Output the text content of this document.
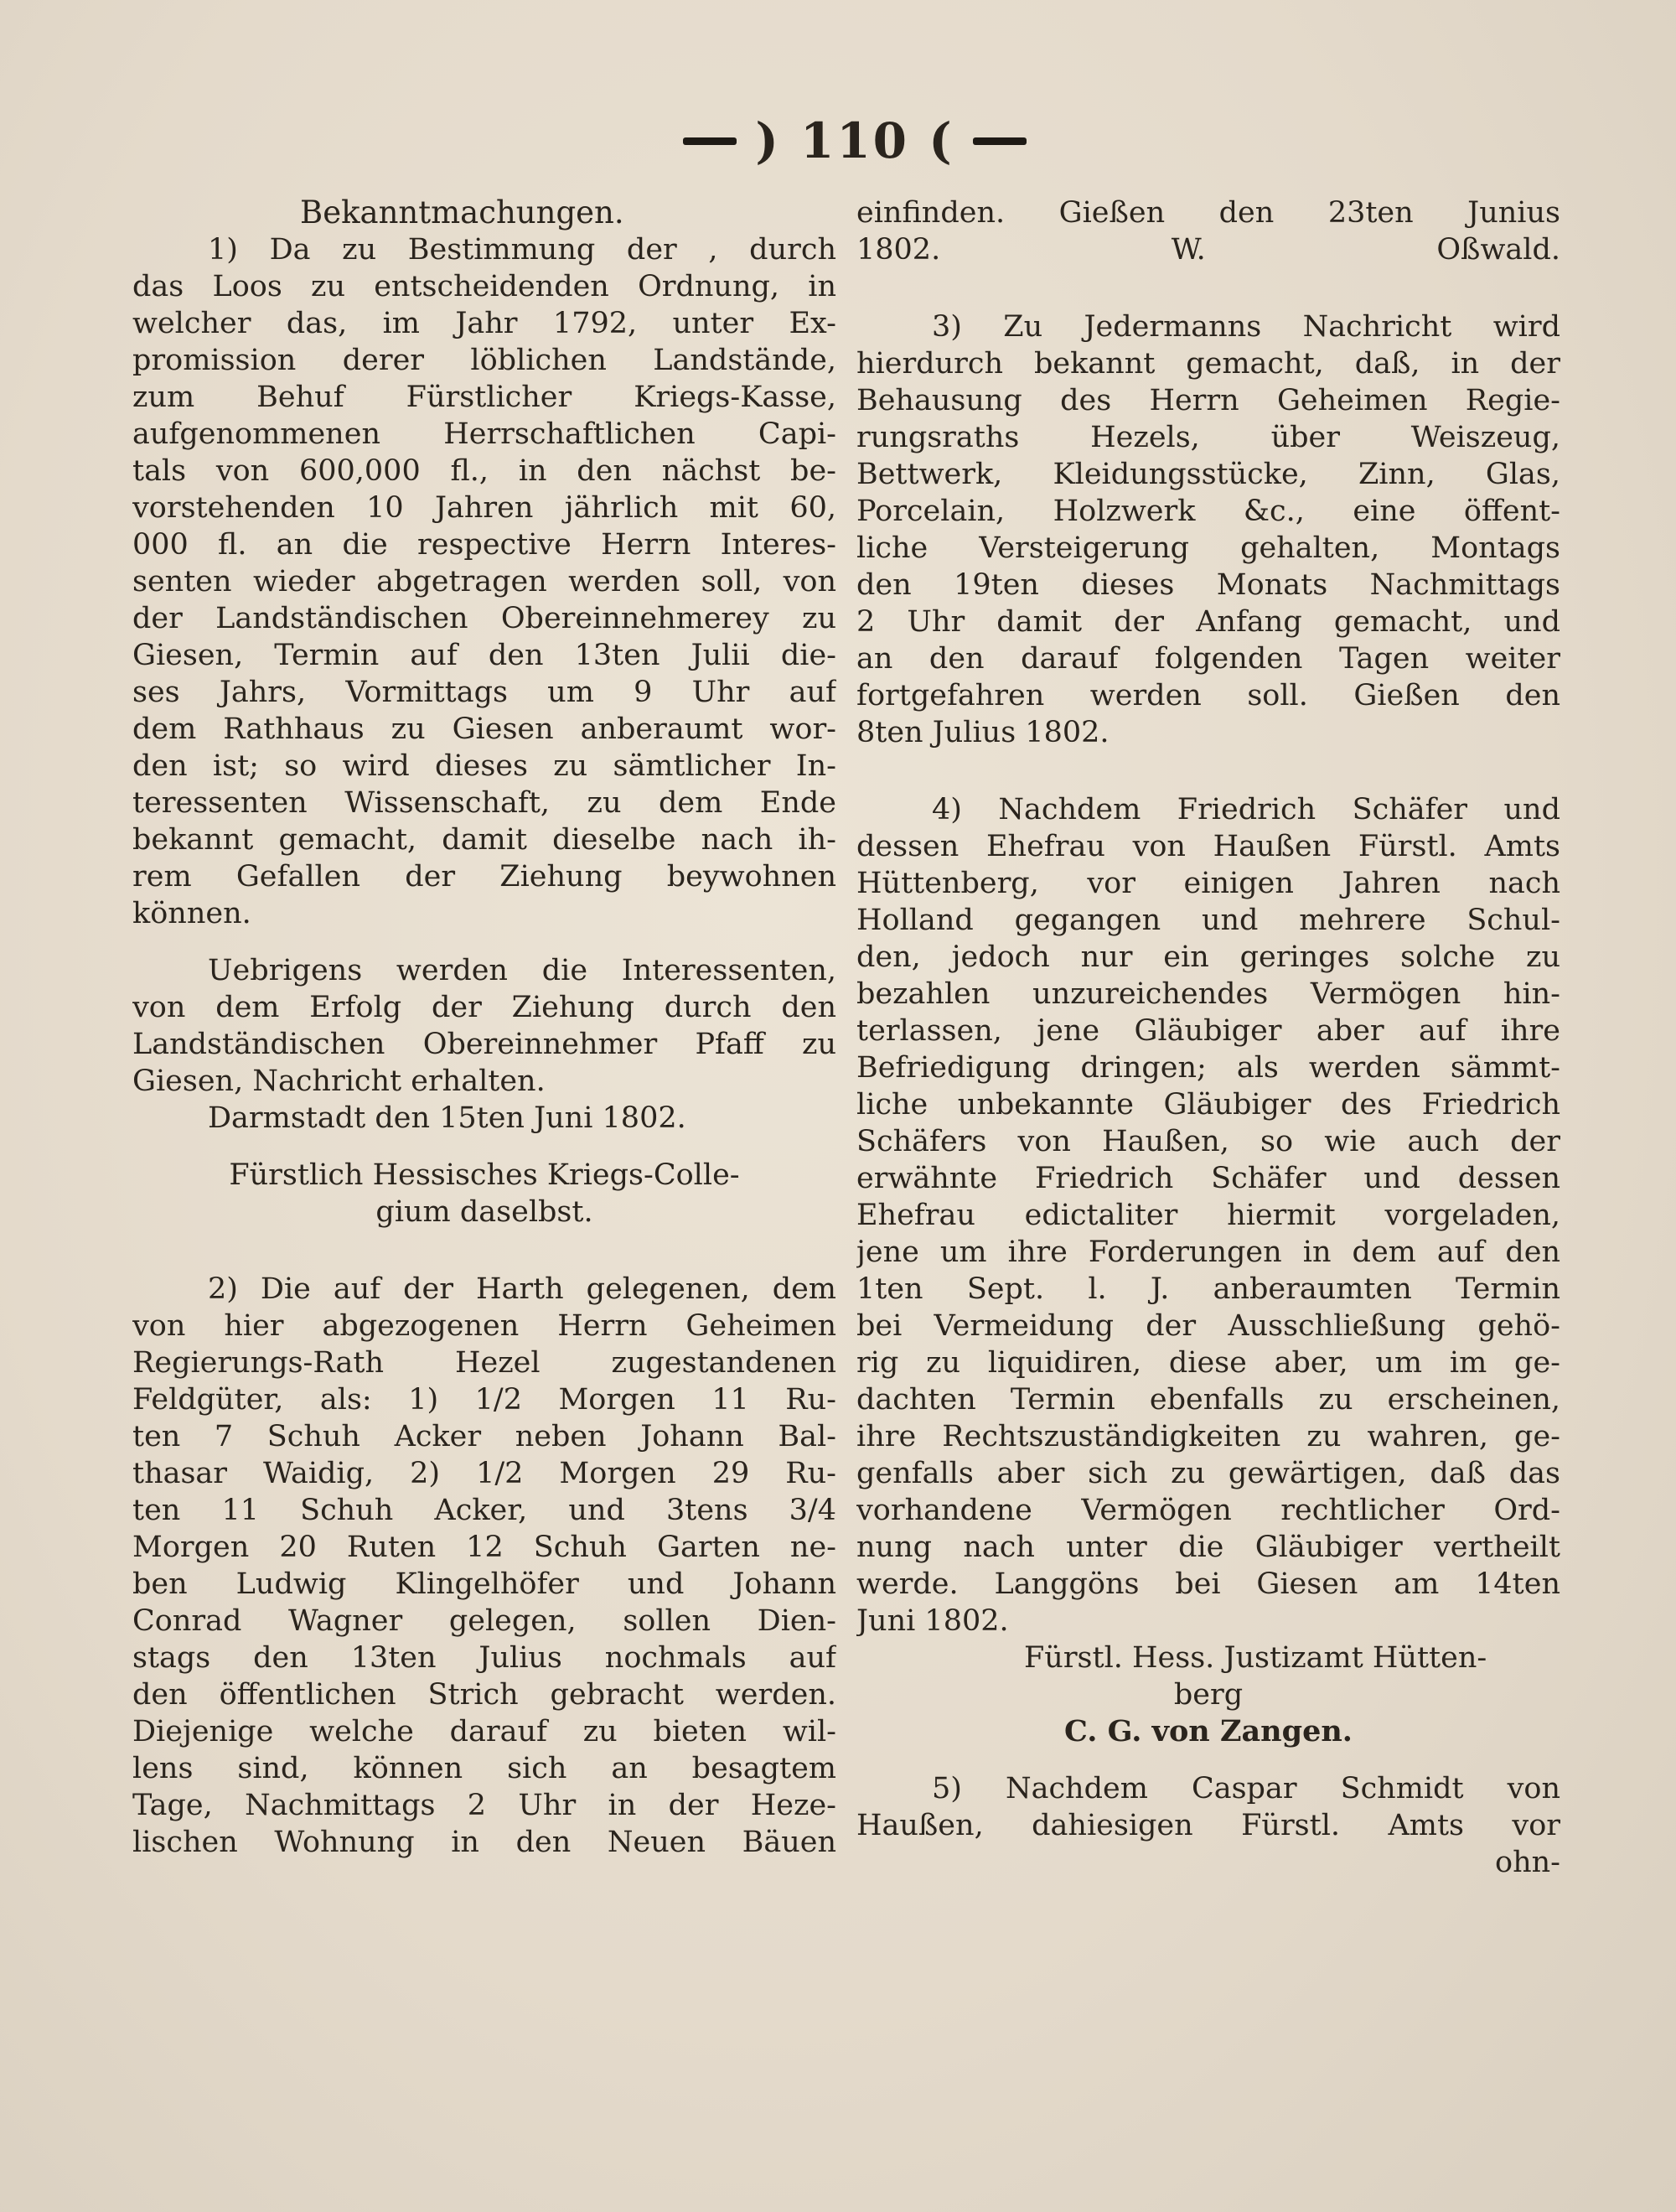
) 110 (
Bekanntmachungen.
1) Da zu Bestimmung der , durch
das Loos zu entscheidenden Ordnung, in
welcher das, im Jahr 1792, unter Ex-
promission derer löblichen Landstände,
zum Behuf Fürstlicher Kriegs-Kasse,
aufgenommenen Herrschaftlichen Capi-
tals von 600,000 fl., in den nächst be-
vorstehenden 10 Jahren jährlich mit 60,
000 fl. an die respective Herrn Interes-
senten wieder abgetragen werden soll, von
der Landständischen Obereinnehmerey zu
Giesen, Termin auf den 13ten Julii die-
ses Jahrs, Vormittags um 9 Uhr auf
dem Rathhaus zu Giesen anberaumt wor-
den ist; so wird dieses zu sämtlicher In-
teressenten Wissenschaft, zu dem Ende
bekannt gemacht, damit dieselbe nach ih-
rem Gefallen der Ziehung beywohnen
können.
Uebrigens werden die Interessenten,
von dem Erfolg der Ziehung durch den
Landständischen Obereinnehmer Pfaff zu
Giesen, Nachricht erhalten.
Darmstadt den 15ten Juni 1802.
Fürstlich Hessisches Kriegs-Colle-
gium daselbst.
2) Die auf der Harth gelegenen, dem
von hier abgezogenen Herrn Geheimen
Regierungs-Rath Hezel zugestandenen
Feldgüter, als: 1) 1/2 Morgen 11 Ru-
ten 7 Schuh Acker neben Johann Bal-
thasar Waidig, 2) 1/2 Morgen 29 Ru-
ten 11 Schuh Acker, und 3tens 3/4
Morgen 20 Ruten 12 Schuh Garten ne-
ben Ludwig Klingelhöfer und Johann
Conrad Wagner gelegen, sollen Dien-
stags den 13ten Julius nochmals auf
den öffentlichen Strich gebracht werden.
Diejenige welche darauf zu bieten wil-
lens sind, können sich an besagtem
Tage, Nachmittags 2 Uhr in der Heze-
lischen Wohnung in den Neuen Bäuen
einfinden. Gießen den 23ten Junius
1802. W. Oßwald.
3) Zu Jedermanns Nachricht wird
hierdurch bekannt gemacht, daß, in der
Behausung des Herrn Geheimen Regie-
rungsraths Hezels, über Weiszeug,
Bettwerk, Kleidungsstücke, Zinn, Glas,
Porcelain, Holzwerk &c., eine öffent-
liche Versteigerung gehalten, Montags
den 19ten dieses Monats Nachmittags
2 Uhr damit der Anfang gemacht, und
an den darauf folgenden Tagen weiter
fortgefahren werden soll. Gießen den
8ten Julius 1802.
4) Nachdem Friedrich Schäfer und
dessen Ehefrau von Haußen Fürstl. Amts
Hüttenberg, vor einigen Jahren nach
Holland gegangen und mehrere Schul-
den, jedoch nur ein geringes solche zu
bezahlen unzureichendes Vermögen hin-
terlassen, jene Gläubiger aber auf ihre
Befriedigung dringen; als werden sämmt-
liche unbekannte Gläubiger des Friedrich
Schäfers von Haußen, so wie auch der
erwähnte Friedrich Schäfer und dessen
Ehefrau edictaliter hiermit vorgeladen,
jene um ihre Forderungen in dem auf den
1ten Sept. l. J. anberaumten Termin
bei Vermeidung der Ausschließung gehö-
rig zu liquidiren, diese aber, um im ge-
dachten Termin ebenfalls zu erscheinen,
ihre Rechtszuständigkeiten zu wahren, ge-
genfalls aber sich zu gewärtigen, daß das
vorhandene Vermögen rechtlicher Ord-
nung nach unter die Gläubiger vertheilt
werde. Langgöns bei Giesen am 14ten
Juni 1802.
Fürstl. Hess. Justizamt Hütten-
berg
C. G. von Zangen.
5) Nachdem Caspar Schmidt von
Haußen, dahiesigen Fürstl. Amts vor
ohn-
